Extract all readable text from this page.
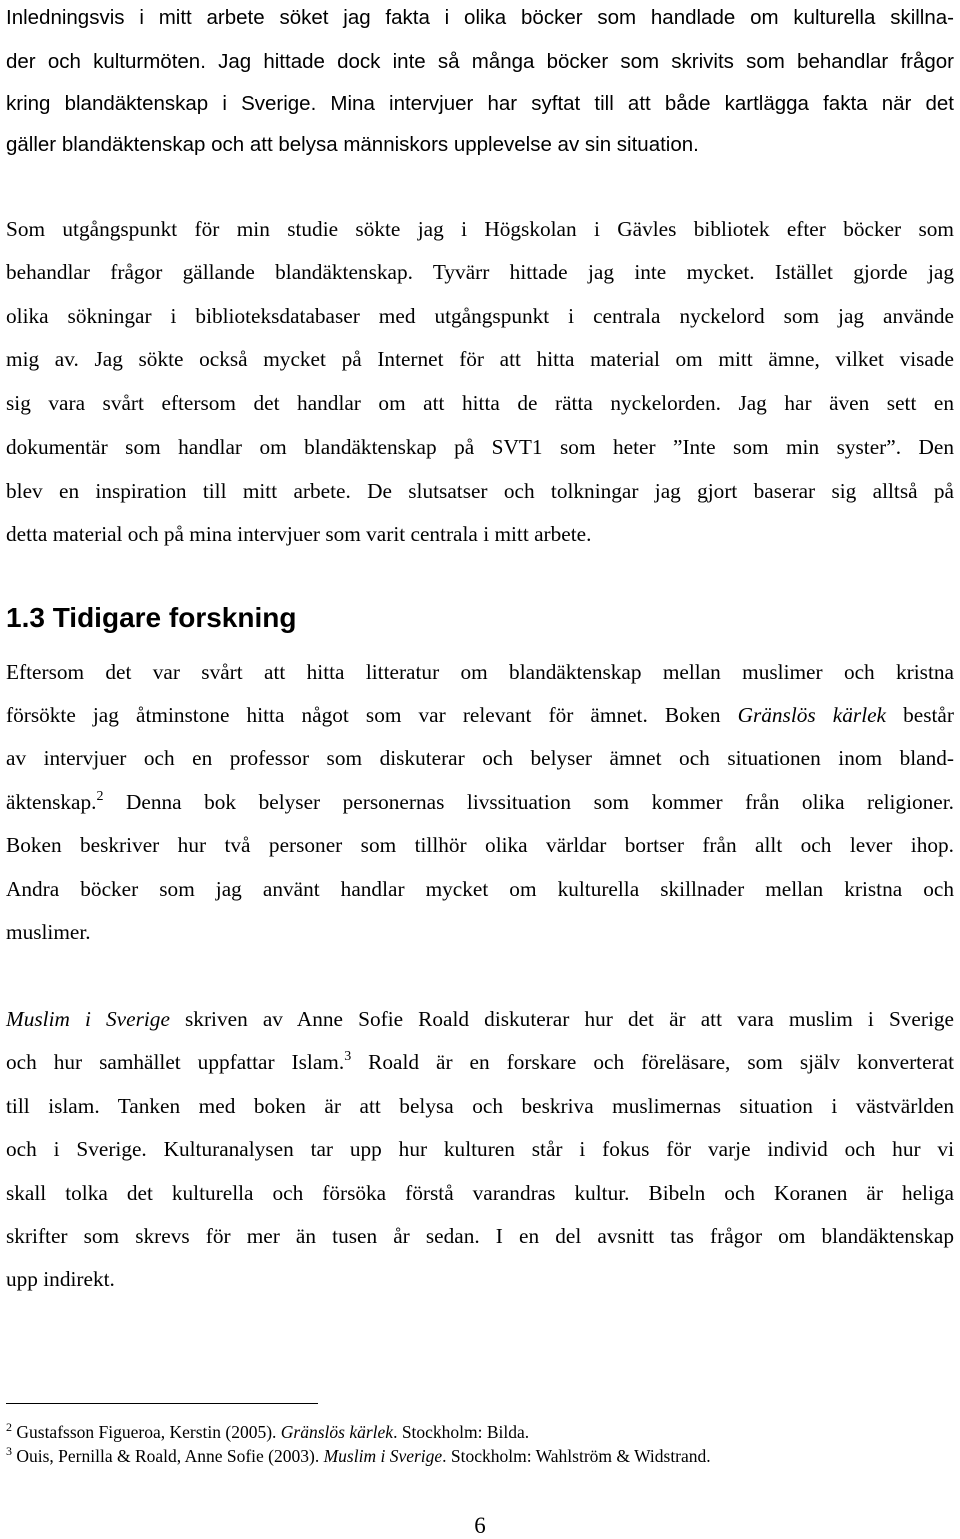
Inledningsvis i mitt arbete söket jag fakta i olika böcker som handlade om kulturella skillna-
der och kulturmöten. Jag hittade dock inte så många böcker som skrivits som behandlar frågor
kring blandäktenskap i Sverige. Mina intervjuer har syftat till att både kartlägga fakta när det
gäller blandäktenskap och att belysa människors upplevelse av sin situation.
Som utgångspunkt för min studie sökte jag i Högskolan i Gävles bibliotek efter böcker som
behandlar frågor gällande blandäktenskap. Tyvärr hittade jag inte mycket. Istället gjorde jag
olika sökningar i biblioteksdatabaser med utgångspunkt i centrala nyckelord som jag använde
mig av. Jag sökte också mycket på Internet för att hitta material om mitt ämne, vilket visade
sig vara svårt eftersom det handlar om att hitta de rätta nyckelorden. Jag har även sett en
dokumentär som handlar om blandäktenskap på SVT1 som heter ”Inte som min syster”. Den
blev en inspiration till mitt arbete. De slutsatser och tolkningar jag gjort baserar sig alltså på
detta material och på mina intervjuer som varit centrala i mitt arbete.
1.3 Tidigare forskning
Eftersom det var svårt att hitta litteratur om blandäktenskap mellan muslimer och kristna
försökte jag åtminstone hitta något som var relevant för ämnet. Boken Gränslös kärlek består
av intervjuer och en professor som diskuterar och belyser ämnet och situationen inom bland-
äktenskap.$^2$ Denna bok belyser personernas livssituation som kommer från olika religioner.
Boken beskriver hur två personer som tillhör olika världar bortser från allt och lever ihop.
Andra böcker som jag använt handlar mycket om kulturella skillnader mellan kristna och
muslimer.
Muslim i Sverige skriven av Anne Sofie Roald diskuterar hur det är att vara muslim i Sverige
och hur samhället uppfattar Islam.$^3$ Roald är en forskare och föreläsare, som själv konverterat
till islam. Tanken med boken är att belysa och beskriva muslimernas situation i västvärlden
och i Sverige. Kulturanalysen tar upp hur kulturen står i fokus för varje individ och hur vi
skall tolka det kulturella och försöka förstå varandras kultur. Bibeln och Koranen är heliga
skrifter som skrevs för mer än tusen år sedan. I en del avsnitt tas frågor om blandäktenskap
upp indirekt.
$^2$ Gustafsson Figueroa, Kerstin (2005). Gränslös kärlek. Stockholm: Bilda.
$^3$ Ouis, Pernilla & Roald, Anne Sofie (2003). Muslim i Sverige. Stockholm: Wahlström & Widstrand.
6
